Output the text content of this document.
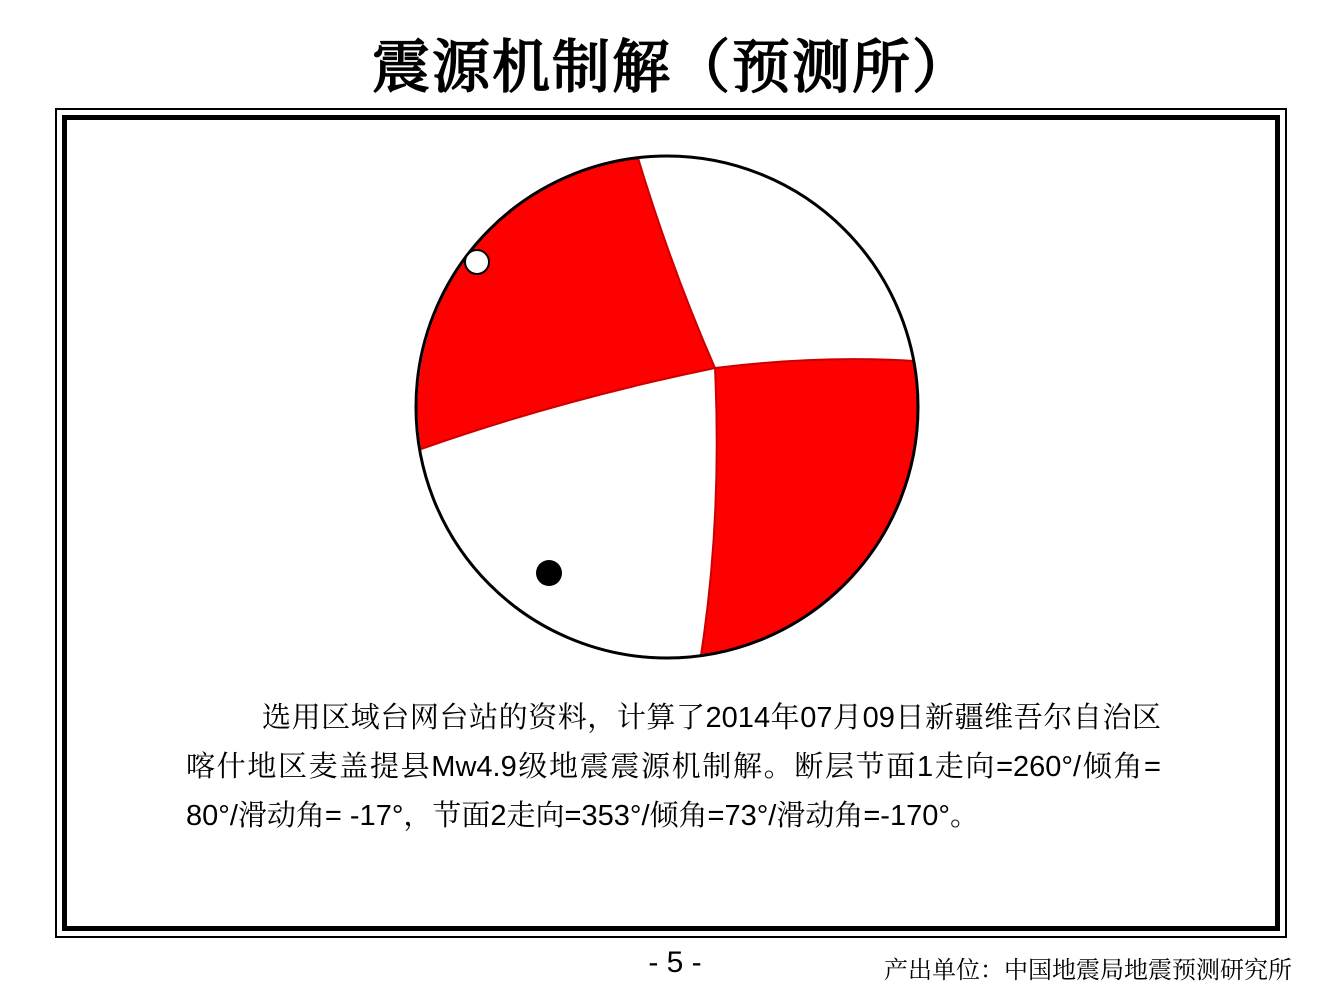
震源机制解（预测所）
选用区域台网台站的资料，计算了2014年07月09日新疆维吾尔自治区喀什地区麦盖提县Mw4.9级地震震源机制解。断层节面1走向=260°/倾角= 80°/滑动角= -17°，节面2走向=353°/倾角=73°/滑动角=-170°。
- 5 -	产出单位：中国地震局地震预测研究所
